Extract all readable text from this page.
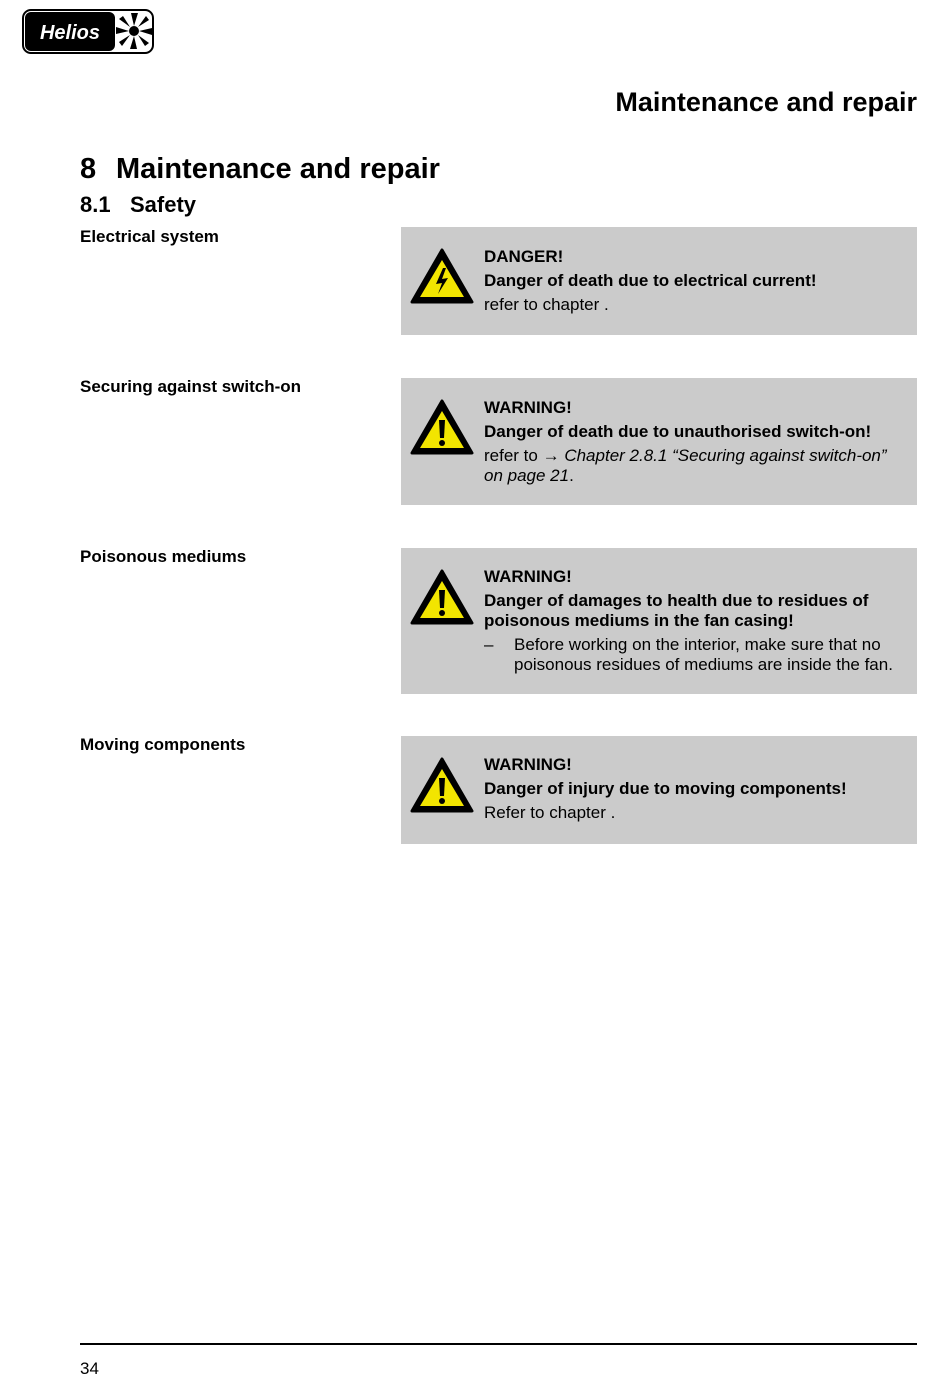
Helios
Maintenance and repair
8 Maintenance and repair
8.1 Safety
Electrical system
DANGER!
Danger of death due to electrical current!
refer to chapter .
Securing against switch-on
WARNING!
Danger of death due to unauthorised switch-on!
refer to → Chapter 2.8.1 “Securing against switch-on” on page 21.
Poisonous mediums
WARNING!
Danger of damages to health due to residues of poisonous mediums in the fan casing!
–	Before working on the interior, make sure that no poisonous residues of mediums are inside the fan.
Moving components
WARNING!
Danger of injury due to moving components!
Refer to chapter .
34
